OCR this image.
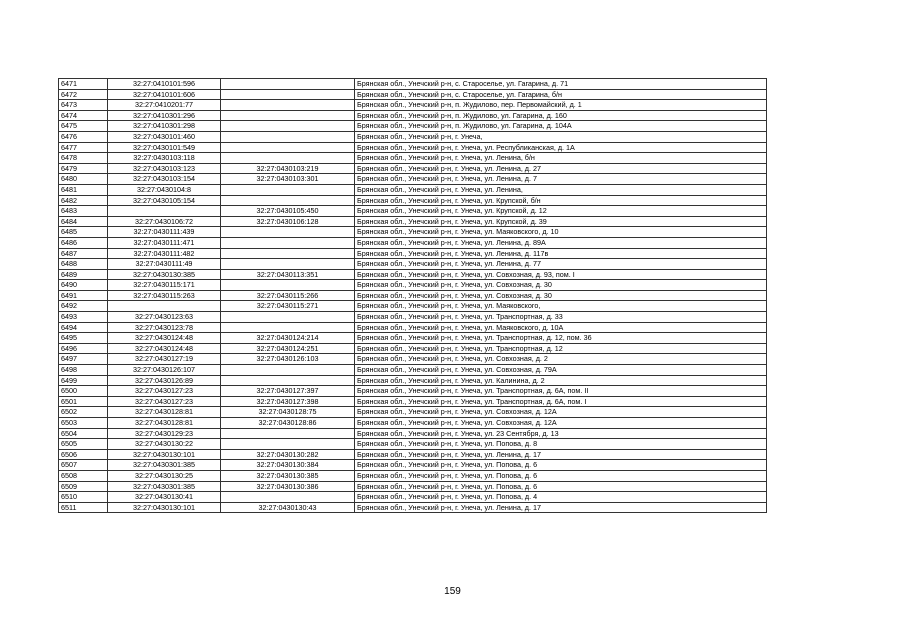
6471	32:27:0410101:596		Брянская обл., Унечский р-н, с. Староселье, ул. Гагарина, д. 71
6472	32:27:0410101:606		Брянская обл., Унечский р-н, с. Староселье, ул. Гагарина, б/н
6473	32:27:0410201:77		Брянская обл., Унечский р-н, п. Жудилово, пер. Первомайский, д. 1
6474	32:27:0410301:296		Брянская обл., Унечский р-н, п. Жудилово, ул. Гагарина, д. 160
6475	32:27:0410301:298		Брянская обл., Унечский р-н, п. Жудилово, ул. Гагарина, д. 104А
6476	32:27:0430101:460		Брянская обл., Унечский р-н, г. Унеча,
6477	32:27:0430101:549		Брянская обл., Унечский р-н, г. Унеча, ул. Республиканская, д. 1А
6478	32:27:0430103:118		Брянская обл., Унечский р-н, г. Унеча, ул. Ленина, б/н
6479	32:27:0430103:123	32:27:0430103:219	Брянская обл., Унечский р-н, г. Унеча, ул. Ленина, д. 27
6480	32:27:0430103:154	32:27:0430103:301	Брянская обл., Унечский р-н, г. Унеча, ул. Ленина, д. 7
6481	32:27:0430104:8		Брянская обл., Унечский р-н, г. Унеча, ул. Ленина,
6482	32:27:0430105:154		Брянская обл., Унечский р-н, г. Унеча, ул. Крупской, б/н
6483		32:27:0430105:450	Брянская обл., Унечский р-н, г. Унеча, ул. Крупской, д. 12
6484	32:27:0430106:72	32:27:0430106:128	Брянская обл., Унечский р-н, г. Унеча, ул. Крупской, д. 39
6485	32:27:0430111:439		Брянская обл., Унечский р-н, г. Унеча, ул. Маяковского, д. 10
6486	32:27:0430111:471		Брянская обл., Унечский р-н, г. Унеча, ул. Ленина, д. 89А
6487	32:27:0430111:482		Брянская обл., Унечский р-н, г. Унеча, ул. Ленина, д. 117в
6488	32:27:0430111:49		Брянская обл., Унечский р-н, г. Унеча, ул. Ленина, д. 77
6489	32:27:0430130:385	32:27:0430113:351	Брянская обл., Унечский р-н, г. Унеча, ул. Совхозная, д. 93, пом. I
6490	32:27:0430115:171		Брянская обл., Унечский р-н, г. Унеча, ул. Совхозная, д. 30
6491	32:27:0430115:263	32:27:0430115:266	Брянская обл., Унечский р-н, г. Унеча, ул. Совхозная, д. 30
6492		32:27:0430115:271	Брянская обл., Унечский р-н, г. Унеча, ул. Маяковского,
6493	32:27:0430123:63		Брянская обл., Унечский р-н, г. Унеча, ул. Транспортная, д. 33
6494	32:27:0430123:78		Брянская обл., Унечский р-н, г. Унеча, ул. Маяковского, д. 10А
6495	32:27:0430124:48	32:27:0430124:214	Брянская обл., Унечский р-н, г. Унеча, ул. Транспортная, д. 12, пом. 36
6496	32:27:0430124:48	32:27:0430124:251	Брянская обл., Унечский р-н, г. Унеча, ул. Транспортная, д. 12
6497	32:27:0430127:19	32:27:0430126:103	Брянская обл., Унечский р-н, г. Унеча, ул. Совхозная, д. 2
6498	32:27:0430126:107		Брянская обл., Унечский р-н, г. Унеча, ул. Совхозная, д. 79А
6499	32:27:0430126:89		Брянская обл., Унечский р-н, г. Унеча, ул. Калинина, д. 2
6500	32:27:0430127:23	32:27:0430127:397	Брянская обл., Унечский р-н, г. Унеча, ул. Транспортная, д. 6А, пом. II
6501	32:27:0430127:23	32:27:0430127:398	Брянская обл., Унечский р-н, г. Унеча, ул. Транспортная, д. 6А, пом. I
6502	32:27:0430128:81	32:27:0430128:75	Брянская обл., Унечский р-н, г. Унеча, ул. Совхозная, д. 12А
6503	32:27:0430128:81	32:27:0430128:86	Брянская обл., Унечский р-н, г. Унеча, ул. Совхозная, д. 12А
6504	32:27:0430129:23		Брянская обл., Унечский р-н, г. Унеча, ул. 23 Сентября, д. 13
6505	32:27:0430130:22		Брянская обл., Унечский р-н, г. Унеча, ул. Попова, д. 8
6506	32:27:0430130:101	32:27:0430130:282	Брянская обл., Унечский р-н, г. Унеча, ул. Ленина, д. 17
6507	32:27:0430301:385	32:27:0430130:384	Брянская обл., Унечский р-н, г. Унеча, ул. Попова, д. 6
6508	32:27:0430130:25	32:27:0430130:385	Брянская обл., Унечский р-н, г. Унеча, ул. Попова, д. 6
6509	32:27:0430301:385	32:27:0430130:386	Брянская обл., Унечский р-н, г. Унеча, ул. Попова, д. 6
6510	32:27:0430130:41		Брянская обл., Унечский р-н, г. Унеча, ул. Попова, д. 4
6511	32:27:0430130:101	32:27:0430130:43	Брянская обл., Унечский р-н, г. Унеча, ул. Ленина, д. 17
159
